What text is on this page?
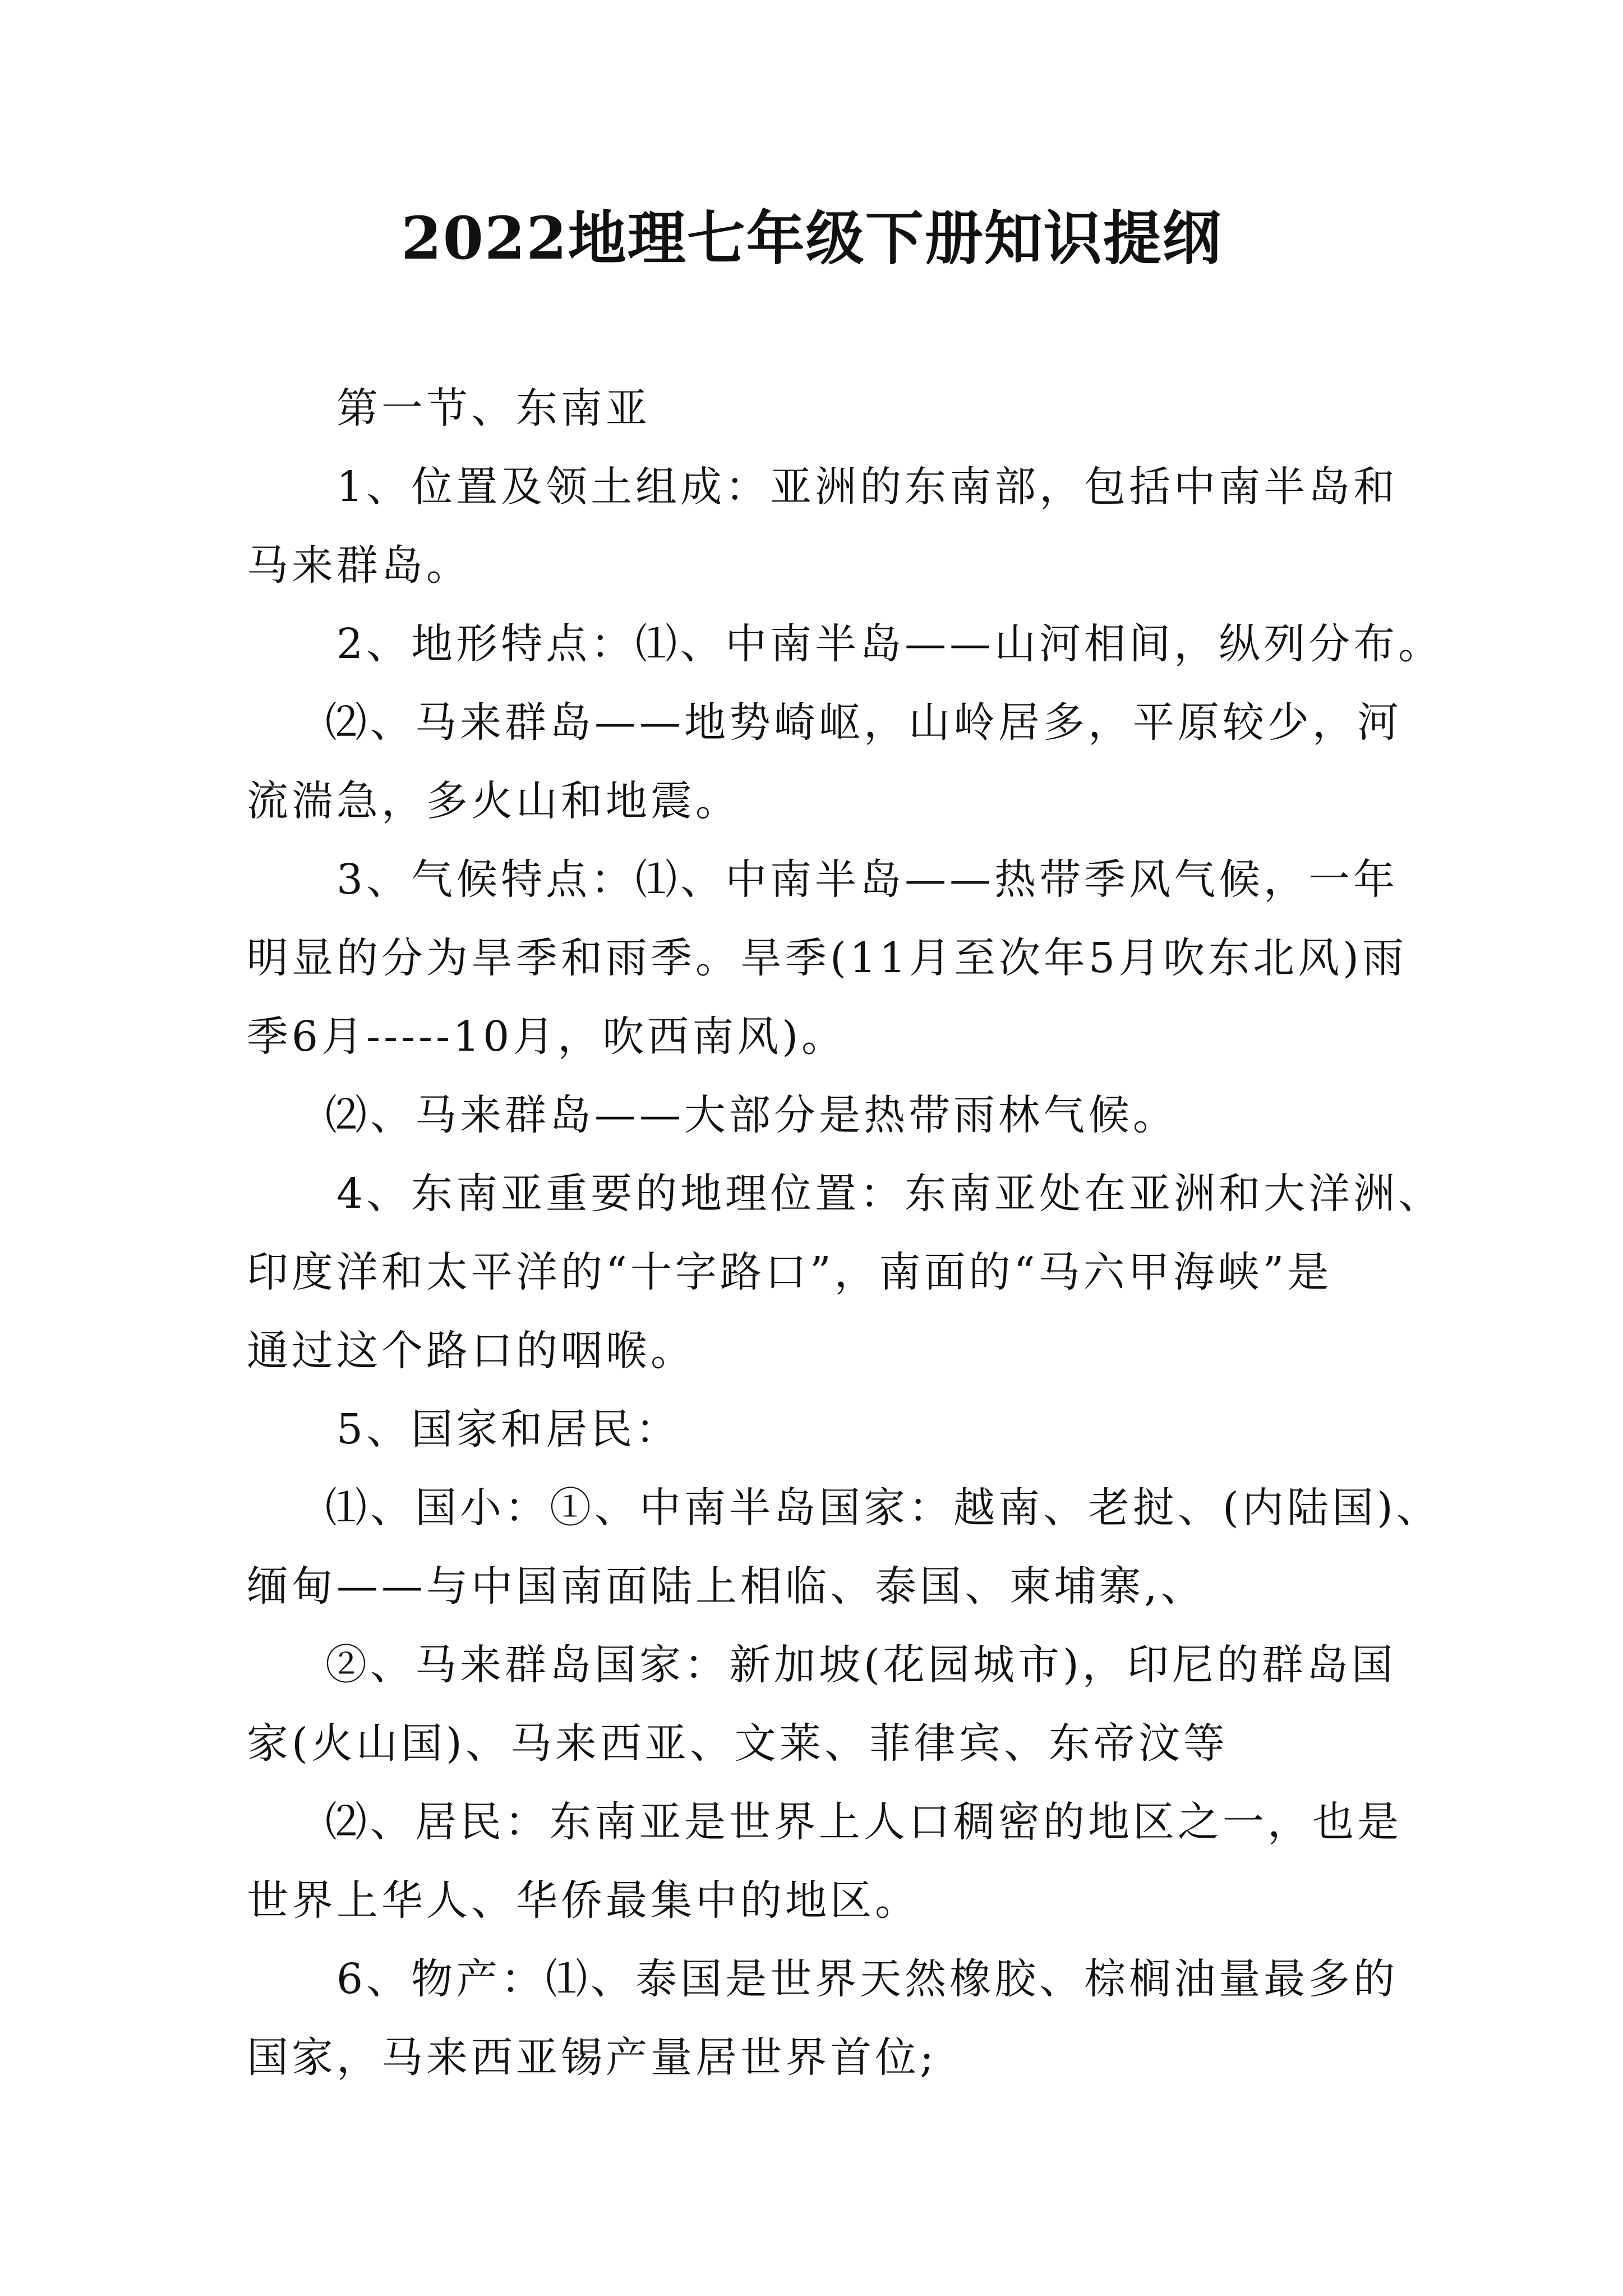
2022地理七年级下册知识提纲

第一节、东南亚

1、位置及领土组成：亚洲的东南部，包括中南半岛和
马来群岛。

2、地形特点：⑴、中南半岛——山河相间，纵列分布。

⑵、马来群岛——地势崎岖，山岭居多，平原较少，河
流湍急，多火山和地震。

3、气候特点：⑴、中南半岛——热带季风气候，一年
明显的分为旱季和雨季。旱季(11月至次年5月吹东北风)雨
季6月-----10月，吹西南风)。

⑵、马来群岛——大部分是热带雨林气候。

4、东南亚重要的地理位置：东南亚处在亚洲和大洋洲、
印度洋和太平洋的“十字路口”，南面的“马六甲海峡”是
通过这个路口的咽喉。

5、国家和居民：

⑴、国小：①、中南半岛国家：越南、老挝、(内陆国)、
缅甸——与中国南面陆上相临、泰国、柬埔寨,、

②、马来群岛国家：新加坡(花园城市)，印尼的群岛国
家(火山国)、马来西亚、文莱、菲律宾、东帝汶等

⑵、居民：东南亚是世界上人口稠密的地区之一，也是
世界上华人、华侨最集中的地区。

6、物产：⑴、泰国是世界天然橡胶、棕榈油量最多的
国家，马来西亚锡产量居世界首位;
